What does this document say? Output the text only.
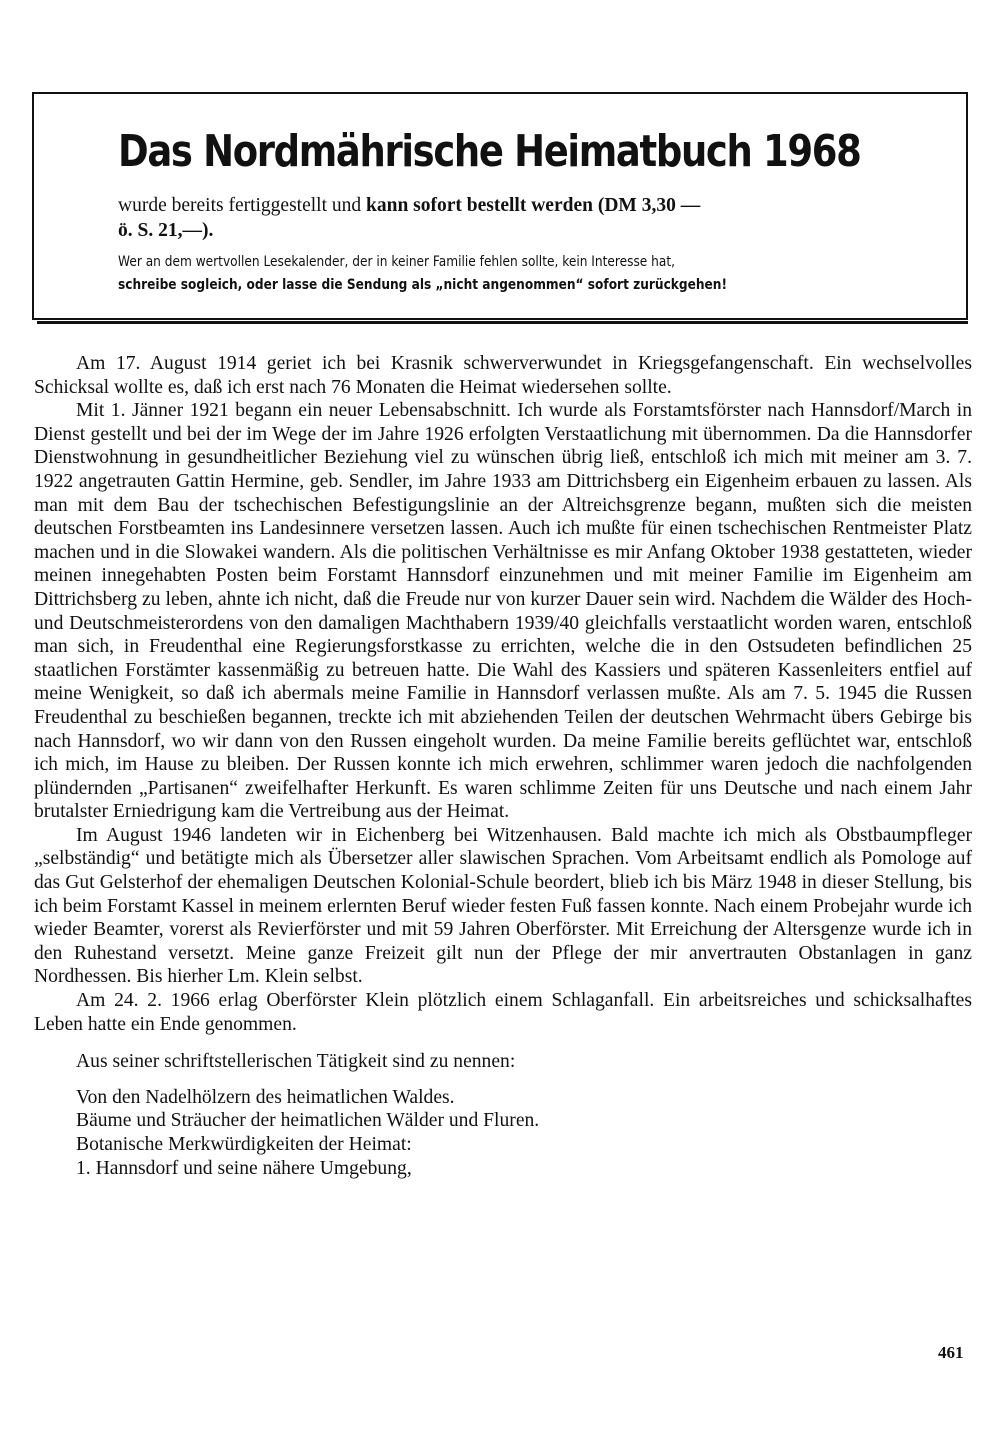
Das Nordmährische Heimatbuch 1968
wurde bereits fertiggestellt und kann sofort bestellt werden (DM 3,30 —
ö. S. 21,—).
Wer an dem wertvollen Lesekalender, der in keiner Familie fehlen sollte, kein Interesse hat,
schreibe sogleich, oder lasse die Sendung als „nicht angenommen“ sofort zurückgehen!

Am 17. August 1914 geriet ich bei Krasnik schwerverwundet in Kriegsgefangenschaft. Ein wechselvolles Schicksal wollte es, daß ich erst nach 76 Monaten die Heimat wiedersehen sollte.

Mit 1. Jänner 1921 begann ein neuer Lebensabschnitt. Ich wurde als Forstamtsförster nach Hannsdorf/March in Dienst gestellt und bei der im Wege der im Jahre 1926 erfolgten Verstaatlichung mit übernommen. Da die Hannsdorfer Dienstwohnung in gesundheitlicher Beziehung viel zu wünschen übrig ließ, entschloß ich mich mit meiner am 3. 7. 1922 angetrauten Gattin Hermine, geb. Sendler, im Jahre 1933 am Dittrichsberg ein Eigenheim erbauen zu lassen. Als man mit dem Bau der tschechischen Befestigungslinie an der Altreichsgrenze begann, mußten sich die meisten deutschen Forstbeamten ins Landesinnere versetzen lassen. Auch ich mußte für einen tschechischen Rentmeister Platz machen und in die Slowakei wandern. Als die politischen Verhältnisse es mir Anfang Oktober 1938 gestatteten, wieder meinen innegehabten Posten beim Forstamt Hannsdorf einzunehmen und mit meiner Familie im Eigenheim am Dittrichsberg zu leben, ahnte ich nicht, daß die Freude nur von kurzer Dauer sein wird. Nachdem die Wälder des Hoch- und Deutschmeisterordens von den damaligen Machthabern 1939/40 gleichfalls verstaatlicht worden waren, entschloß man sich, in Freudenthal eine Regierungsforstkasse zu errichten, welche die in den Ostsudeten befindlichen 25 staatlichen Forstämter kassenmäßig zu betreuen hatte. Die Wahl des Kassiers und späteren Kassenleiters entfiel auf meine Wenigkeit, so daß ich abermals meine Familie in Hannsdorf verlassen mußte. Als am 7. 5. 1945 die Russen Freudenthal zu beschießen begannen, treckte ich mit abziehenden Teilen der deutschen Wehrmacht übers Gebirge bis nach Hannsdorf, wo wir dann von den Russen eingeholt wurden. Da meine Familie bereits geflüchtet war, entschloß ich mich, im Hause zu bleiben. Der Russen konnte ich mich erwehren, schlimmer waren jedoch die nachfolgenden plündernden „Partisanen“ zweifelhafter Herkunft. Es waren schlimme Zeiten für uns Deutsche und nach einem Jahr brutalster Erniedrigung kam die Vertreibung aus der Heimat.

Im August 1946 landeten wir in Eichenberg bei Witzenhausen. Bald machte ich mich als Obstbaumpfleger „selbständig“ und betätigte mich als Übersetzer aller slawischen Sprachen. Vom Arbeitsamt endlich als Pomologe auf das Gut Gelsterhof der ehemaligen Deutschen Kolonial-Schule beordert, blieb ich bis März 1948 in dieser Stellung, bis ich beim Forstamt Kassel in meinem erlernten Beruf wieder festen Fuß fassen konnte. Nach einem Probejahr wurde ich wieder Beamter, vorerst als Revierförster und mit 59 Jahren Oberförster. Mit Erreichung der Altersgenze wurde ich in den Ruhestand versetzt. Meine ganze Freizeit gilt nun der Pflege der mir anvertrauten Obstanlagen in ganz Nordhessen. Bis hierher Lm. Klein selbst.

Am 24. 2. 1966 erlag Oberförster Klein plötzlich einem Schlaganfall. Ein arbeitsreiches und schicksalhaftes Leben hatte ein Ende genommen.

Aus seiner schriftstellerischen Tätigkeit sind zu nennen:

Von den Nadelhölzern des heimatlichen Waldes.
Bäume und Sträucher der heimatlichen Wälder und Fluren.
Botanische Merkwürdigkeiten der Heimat:
1. Hannsdorf und seine nähere Umgebung,
461
